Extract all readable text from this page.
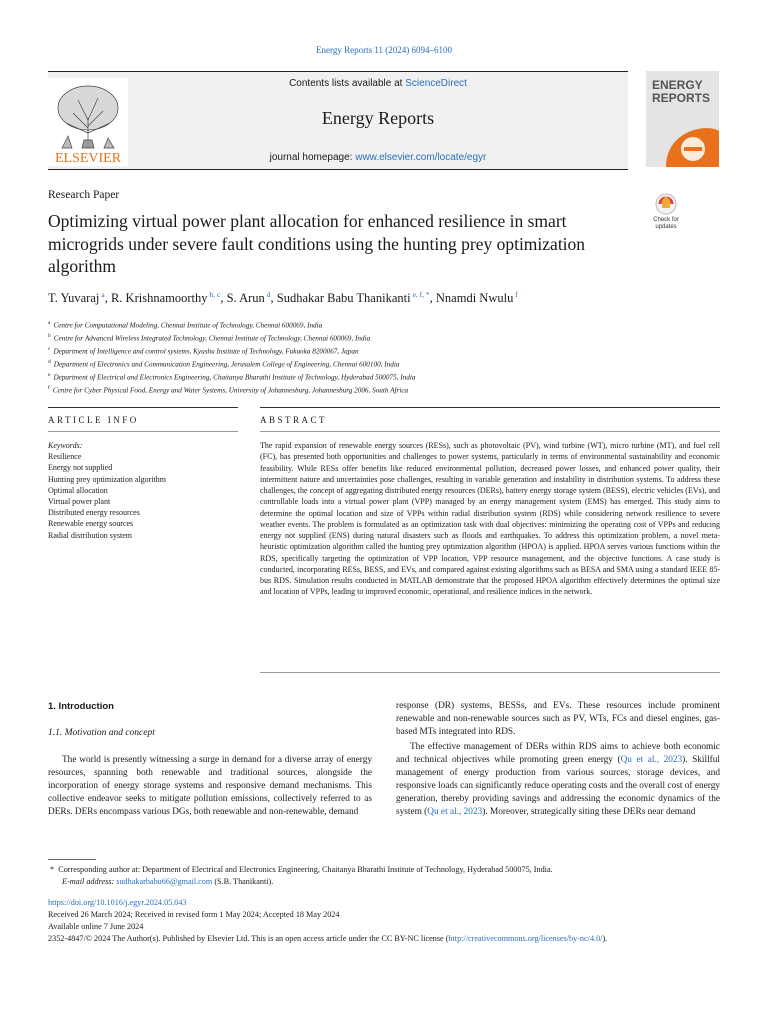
Energy Reports 11 (2024) 6094–6100
ELSEVIER
Contents lists available at ScienceDirect
Energy Reports
journal homepage: www.elsevier.com/locate/egyr
ENERGY
REPORTS
Research Paper
Optimizing virtual power plant allocation for enhanced resilience in smart microgrids under severe fault conditions using the hunting prey optimization algorithm
Check for
updates
T. Yuvaraj $^a$, R. Krishnamoorthy $^{b, c}$, S. Arun $^d$, Sudhakar Babu Thanikanti $^{e, f, *}$, Nnamdi Nwulu $^f$
$^a$ Centre for Computational Modeling, Chennai Institute of Technology, Chennai 600069, India
$^b$ Centre for Advanced Wireless Integrated Technology, Chennai Institute of Technology, Chennai 600069, India
$^c$ Department of Intelligence and control systems, Kyushu Institute of Technology, Fukuoka 8200067, Japan
$^d$ Department of Electronics and Communication Engineering, Jerusalem College of Engineering, Chennai 600100, India
$^e$ Department of Electrical and Electronics Engineering, Chaitanya Bharathi Institute of Technology, Hyderabad 500075, India
$^f$ Centre for Cyber Physical Food, Energy and Water Systems, University of Johannesburg, Johannesburg 2006, South Africa
ARTICLE INFO	ABSTRACT
Keywords:
Resilience
Energy not supplied
Hunting prey optimization algorithm
Optimal allocation
Virtual power plant
Distributed energy resources
Renewable energy sources
Radial distribution system
The rapid expansion of renewable energy sources (RESs), such as photovoltaic (PV), wind turbine (WT), micro turbine (MT), and fuel cell (FC), has presented both opportunities and challenges to power systems, particularly in terms of environmental sustainability and economic feasibility. While RESs offer benefits like reduced environmental pollution, decreased power losses, and enhanced power quality, their intermittent nature and uncertainties pose challenges, resulting in variable generation and instability in distribution systems. To address these challenges, the concept of aggregating distributed energy resources (DERs), battery energy storage system (BESS), electric vehicles (EVs), and controllable loads into a virtual power plant (VPP) managed by an energy management system (EMS) has emerged. This study aims to determine the optimal location and size of VPPs within radial distribution system (RDS) while considering network resilience to severe weather events. The problem is formulated as an optimization task with dual objectives: minimizing the operating cost of VPPs and reducing energy not supplied (ENS) during natural disasters such as floods and earthquakes. To address this optimization problem, a novel meta-heuristic optimization algorithm called the hunting prey optimization algorithm (HPOA) is applied. HPOA serves various functions within the RDS, specifically targeting the optimization of VPP location, VPP resource management, and the objective functions. A case study is conducted, incorporating RESs, BESS, and EVs, and compared against existing algorithms such as BESA and SMA using a standard IEEE 85-bus RDS. Simulation results conducted in MATLAB demonstrate that the proposed HPOA algorithm effectively determines the optimal size and location of VPPs, leading to improved economic, operational, and resilience indices in the network.
1. Introduction
1.1. Motivation and concept
The world is presently witnessing a surge in demand for a diverse array of energy resources, spanning both renewable and traditional sources, alongside the incorporation of energy storage systems and responsive demand mechanisms. This collective endeavor seeks to mitigate pollution emissions, collectively referred to as DERs. DERs encompass various DGs, both renewable and non-renewable, demand
response (DR) systems, BESSs, and EVs. These resources include prominent renewable and non-renewable sources such as PV, WTs, FCs and diesel engines, gas-based MTs integrated into RDS.
The effective management of DERs within RDS aims to achieve both economic and technical objectives while promoting green energy (Qu et al., 2023). Skillful management of energy production from various sources, storage devices, and responsive loads can significantly reduce operating costs and the overall cost of energy generation, thereby providing savings and addressing the economic dynamics of the system (Qu et al., 2023). Moreover, strategically siting these DERs near demand
*  Corresponding author at: Department of Electrical and Electronics Engineering, Chaitanya Bharathi Institute of Technology, Hyderabad 500075, India.
E-mail address: sudhakarbabu66@gmail.com (S.B. Thanikanti).
https://doi.org/10.1016/j.egyr.2024.05.043
Received 26 March 2024; Received in revised form 1 May 2024; Accepted 18 May 2024
Available online 7 June 2024
2352-4847/© 2024 The Author(s). Published by Elsevier Ltd. This is an open access article under the CC BY-NC license (http://creativecommons.org/licenses/by-nc/4.0/).
